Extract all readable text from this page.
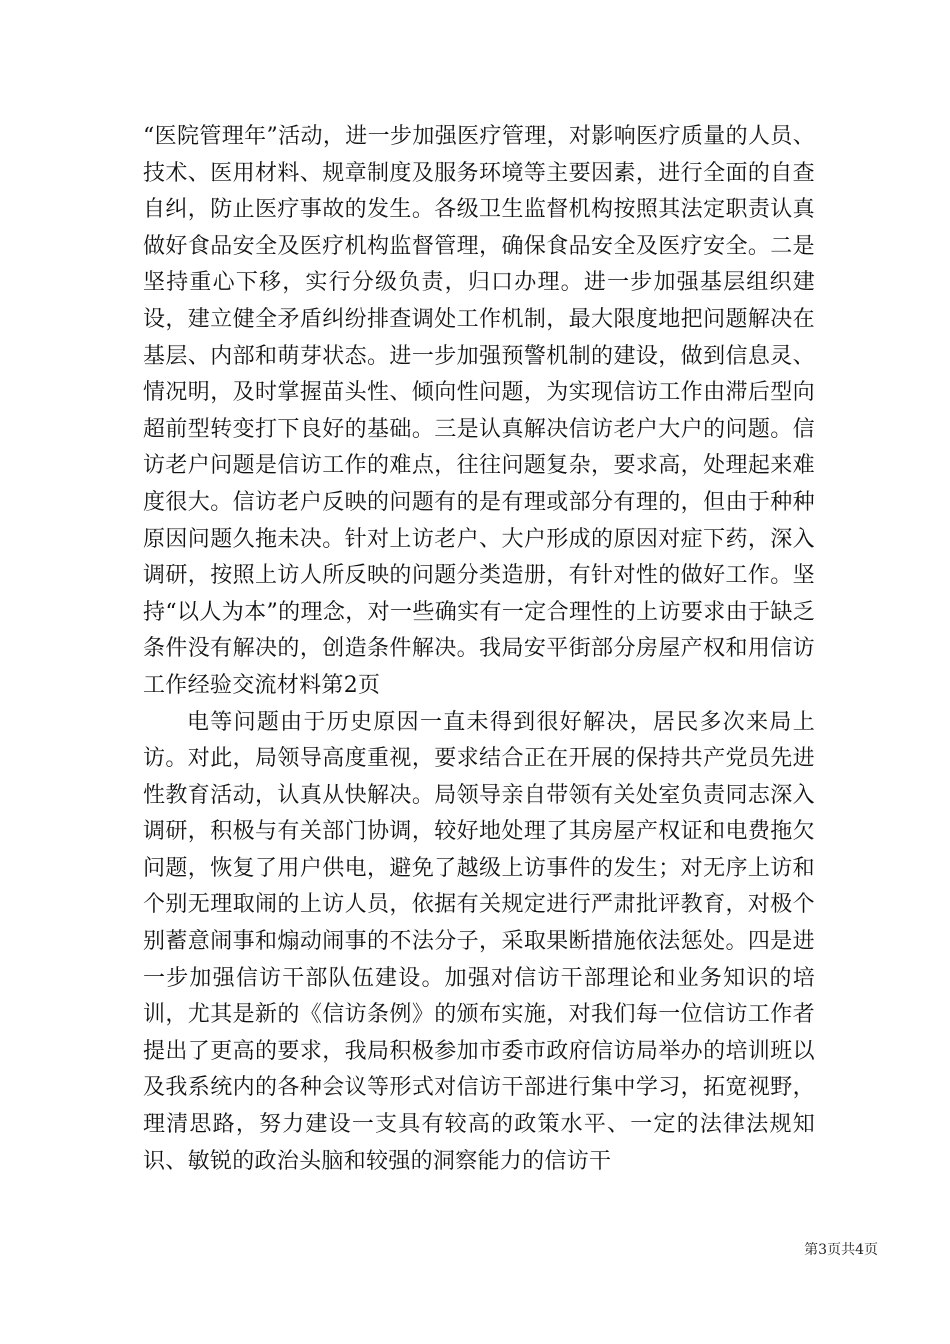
“医院管理年”活动，进一步加强医疗管理，对影响医疗质量的人员、技术、医用材料、规章制度及服务环境等主要因素，进行全面的自查自纠，防止医疗事故的发生。各级卫生监督机构按照其法定职责认真做好食品安全及医疗机构监督管理，确保食品安全及医疗安全。二是坚持重心下移，实行分级负责，归口办理。进一步加强基层组织建设，建立健全矛盾纠纷排查调处工作机制，最大限度地把问题解决在基层、内部和萌芽状态。进一步加强预警机制的建设，做到信息灵、情况明，及时掌握苗头性、倾向性问题，为实现信访工作由滞后型向超前型转变打下良好的基础。三是认真解决信访老户大户的问题。信访老户问题是信访工作的难点，往往问题复杂，要求高，处理起来难度很大。信访老户反映的问题有的是有理或部分有理的，但由于种种原因问题久拖未决。针对上访老户、大户形成的原因对症下药，深入调研，按照上访人所反映的问题分类造册，有针对性的做好工作。坚持“以人为本”的理念，对一些确实有一定合理性的上访要求由于缺乏条件没有解决的，创造条件解决。我局安平街部分房屋产权和用信访工作经验交流材料第2页

电等问题由于历史原因一直未得到很好解决，居民多次来局上访。对此，局领导高度重视，要求结合正在开展的保持共产党员先进性教育活动，认真从快解决。局领导亲自带领有关处室负责同志深入调研，积极与有关部门协调，较好地处理了其房屋产权证和电费拖欠问题，恢复了用户供电，避免了越级上访事件的发生；对无序上访和个别无理取闹的上访人员，依据有关规定进行严肃批评教育，对极个别蓄意闹事和煽动闹事的不法分子，采取果断措施依法惩处。四是进一步加强信访干部队伍建设。加强对信访干部理论和业务知识的培训，尤其是新的《信访条例》的颁布实施，对我们每一位信访工作者提出了更高的要求，我局积极参加市委市政府信访局举办的培训班以及我系统内的各种会议等形式对信访干部进行集中学习，拓宽视野，理清思路，努力建设一支具有较高的政策水平、一定的法律法规知识、敏锐的政治头脑和较强的洞察能力的信访干

第3页共4页
